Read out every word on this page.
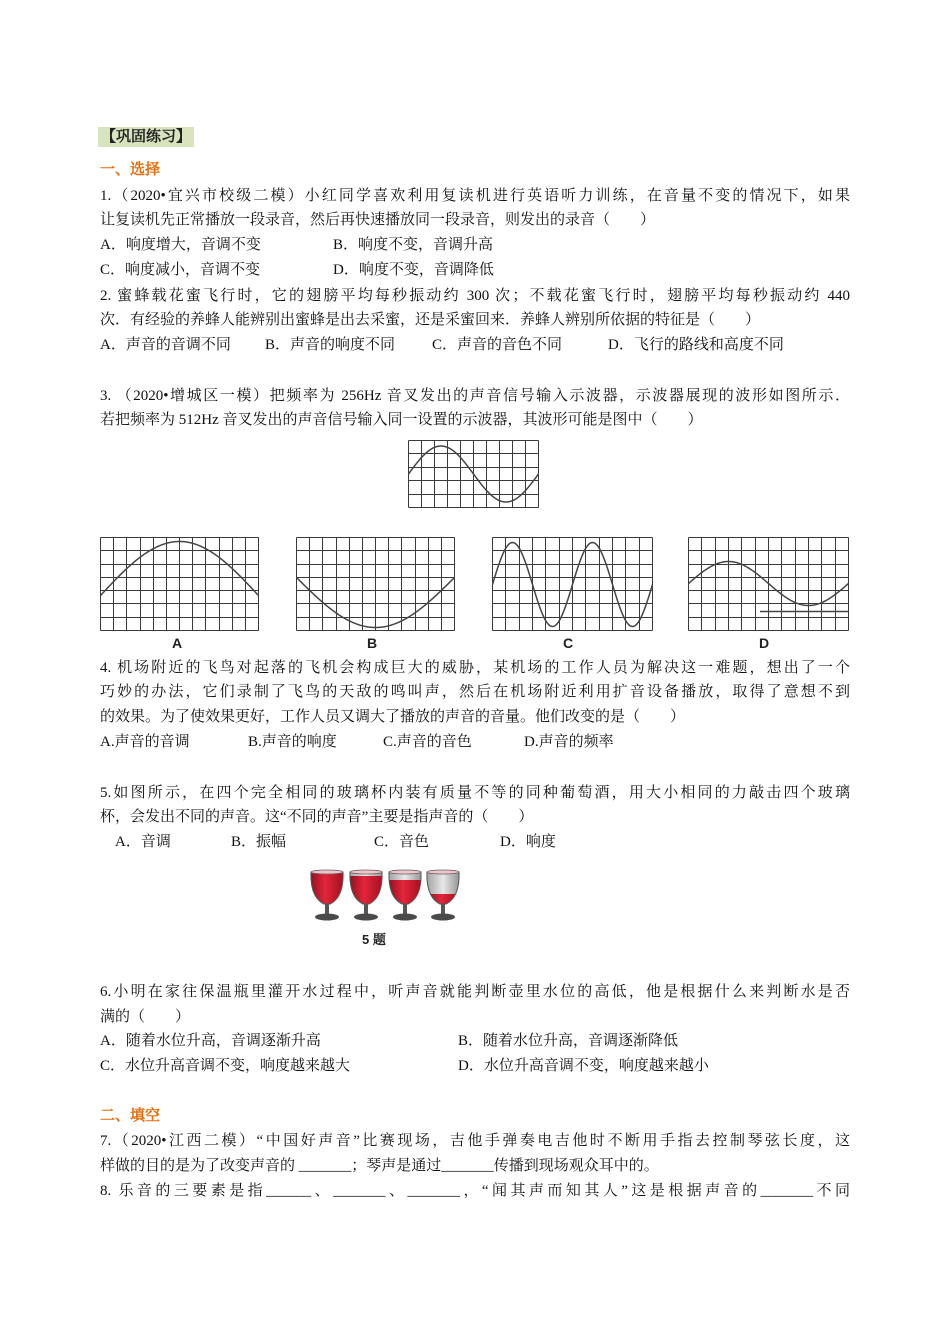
【巩固练习】
一、选择
1.（2020•宜兴市校级二模）小红同学喜欢利用复读机进行英语听力训练，在音量不变的情况下，如果
让复读机先正常播放一段录音，然后再快速播放同一段录音，则发出的录音（　　）
A．响度增大，音调不变	B．响度不变，音调升高
C．响度减小，音调不变	D．响度不变，音调降低
2. 蜜蜂载花蜜飞行时，它的翅膀平均每秒振动约 300 次；不载花蜜飞行时，翅膀平均每秒振动约 440
次．有经验的养蜂人能辨别出蜜蜂是出去采蜜，还是采蜜回来．养蜂人辨别所依据的特征是（　　）
A．声音的音调不同 B．声音的响度不同 C．声音的音色不同	D．飞行的路线和高度不同
3. （2020•增城区一模）把频率为 256Hz 音叉发出的声音信号输入示波器，示波器展现的波形如图所示．
若把频率为 512Hz 音叉发出的声音信号输入同一设置的示波器，其波形可能是图中（　　）
A	B	C	D
4. 机场附近的飞鸟对起落的飞机会构成巨大的威胁，某机场的工作人员为解决这一难题，想出了一个
巧妙的办法，它们录制了飞鸟的天敌的鸣叫声，然后在机场附近利用扩音设备播放，取得了意想不到
的效果。为了使效果更好，工作人员又调大了播放的声音的音量。他们改变的是（　　）
A.声音的音调	B.声音的响度	C.声音的音色	D.声音的频率
5.如图所示，在四个完全相同的玻璃杯内装有质量不等的同种葡萄酒，用大小相同的力敲击四个玻璃
杯，会发出不同的声音。这“不同的声音”主要是指声音的（　　）
A．音调	B．振幅	C．音色	D．响度
5 题
6.小明在家往保温瓶里灌开水过程中，听声音就能判断壶里水位的高低，他是根据什么来判断水是否
满的（　　）
A．随着水位升高，音调逐渐升高	B．随着水位升高，音调逐渐降低
C．水位升高音调不变，响度越来越大	D．水位升高音调不变，响度越来越小
二、填空
7.（2020•江西二模）“中国好声音”比赛现场，吉他手弹奏电吉他时不断用手指去控制琴弦长度，这
样做的目的是为了改变声音的 _______；琴声是通过_______传播到现场观众耳中的。
8. 乐音的三要素是指______、_______、_______，“闻其声而知其人”这是根据声音的_______不同
